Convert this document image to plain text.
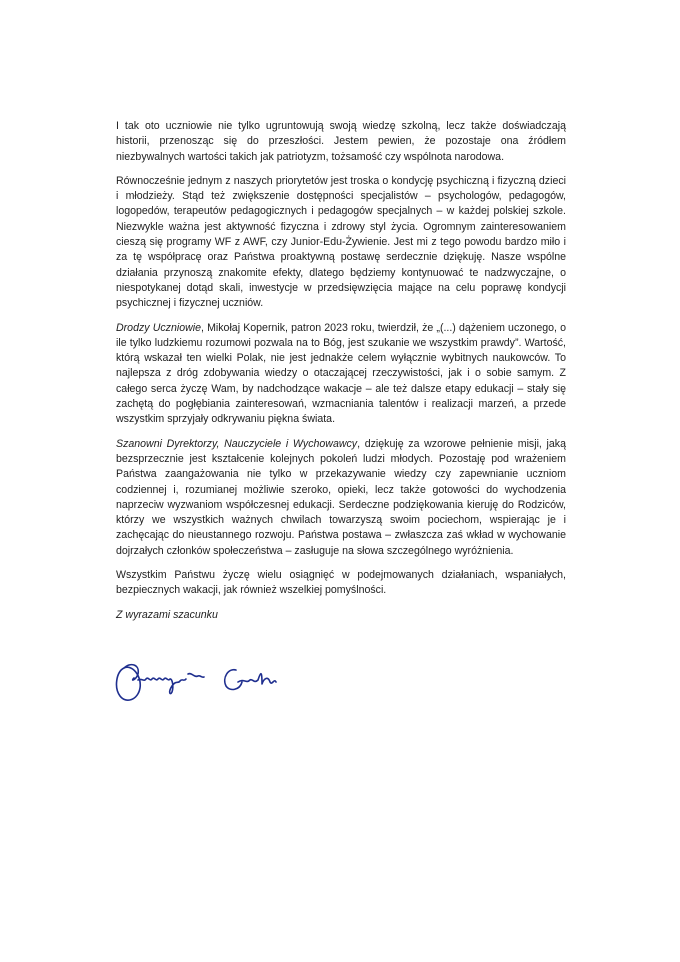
I tak oto uczniowie nie tylko ugruntowują swoją wiedzę szkolną, lecz także doświadczają historii, przenosząc się do przeszłości. Jestem pewien, że pozostaje ona źródłem niezbywalnych wartości takich jak patriotyzm, tożsamość czy wspólnota narodowa.

Równocześnie jednym z naszych priorytetów jest troska o kondycję psychiczną i fizyczną dzieci i młodzieży. Stąd też zwiększenie dostępności specjalistów – psychologów, pedagogów, logopedów, terapeutów pedagogicznych i pedagogów specjalnych – w każdej polskiej szkole. Niezwykle ważna jest aktywność fizyczna i zdrowy styl życia. Ogromnym zainteresowaniem cieszą się programy WF z AWF, czy Junior-Edu-Żywienie. Jest mi z tego powodu bardzo miło i za tę współpracę oraz Państwa proaktywną postawę serdecznie dziękuję. Nasze wspólne działania przynoszą znakomite efekty, dlatego będziemy kontynuować te nadzwyczajne, o niespotykanej dotąd skali, inwestycje w przedsięwzięcia mające na celu poprawę kondycji psychicznej i fizycznej uczniów.

Drodzy Uczniowie, Mikołaj Kopernik, patron 2023 roku, twierdził, że „(...) dążeniem uczonego, o ile tylko ludzkiemu rozumowi pozwala na to Bóg, jest szukanie we wszystkim prawdy”. Wartość, którą wskazał ten wielki Polak, nie jest jednakże celem wyłącznie wybitnych naukowców. To najlepsza z dróg zdobywania wiedzy o otaczającej rzeczywistości, jak i o sobie samym. Z całego serca życzę Wam, by nadchodzące wakacje – ale też dalsze etapy edukacji – stały się zachętą do pogłębiania zainteresowań, wzmacniania talentów i realizacji marzeń, a przede wszystkim sprzyjały odkrywaniu piękna świata.

Szanowni Dyrektorzy, Nauczyciele i Wychowawcy, dziękuję za wzorowe pełnienie misji, jaką bezsprzecznie jest kształcenie kolejnych pokoleń ludzi młodych. Pozostaję pod wrażeniem Państwa zaangażowania nie tylko w przekazywanie wiedzy czy zapewnianie uczniom codziennej i, rozumianej możliwie szeroko, opieki, lecz także gotowości do wychodzenia naprzeciw wyzwaniom współczesnej edukacji. Serdeczne podziękowania kieruję do Rodziców, którzy we wszystkich ważnych chwilach towarzyszą swoim pociechom, wspierając je i zachęcając do nieustannego rozwoju. Państwa postawa – zwłaszcza zaś wkład w wychowanie dojrzałych członków społeczeństwa – zasługuje na słowa szczególnego wyróżnienia.

Wszystkim Państwu życzę wielu osiągnięć w podejmowanych działaniach, wspaniałych, bezpiecznych wakacji, jak również wszelkiej pomyślności.

Z wyrazami szacunku
